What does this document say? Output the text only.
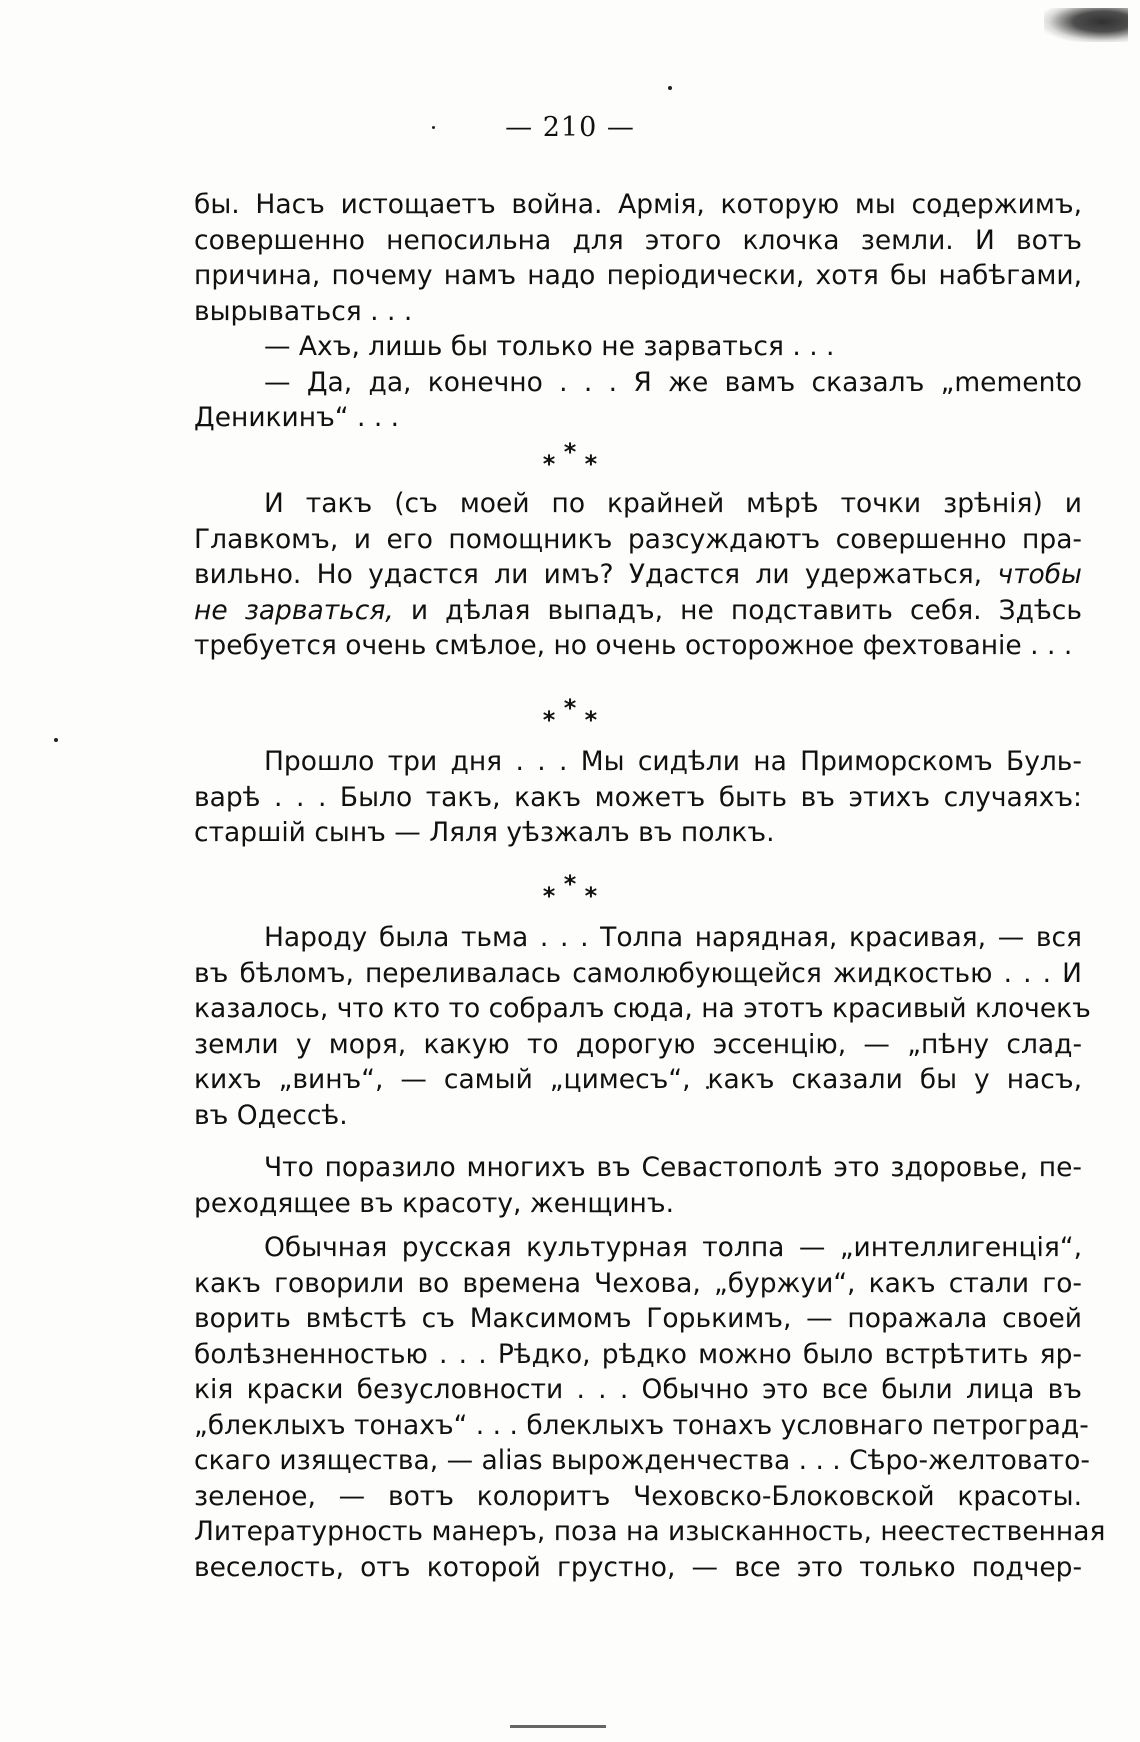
— 210 —
бы. Насъ истощаетъ война. Армія, которую мы содержимъ,
совершенно непосильна для этого клочка земли. И вотъ
причина, почему намъ надо періодически, хотя бы набѣгами,
вырываться . . .
— Ахъ, лишь бы только не зарваться . . .
— Да, да, конечно . . . Я же вамъ сказалъ „memento
Деникинъ“ . . .
* * *
И такъ (съ моей по крайней мѣрѣ точки зрѣнія) и
Главкомъ, и его помощникъ разсуждаютъ совершенно пра-
вильно. Но удастся ли имъ? Удастся ли удержаться, чтобы
не зарваться, и дѣлая выпадъ, не подставить себя. Здѣсь
требуется очень смѣлое, но очень осторожное фехтованіе . . .
* * *
Прошло три дня . . . Мы сидѣли на Приморскомъ Буль-
варѣ . . . Было такъ, какъ можетъ быть въ этихъ случаяхъ:
старшій сынъ — Ляля уѣзжалъ въ полкъ.
* * *
Народу была тьма . . . Толпа нарядная, красивая, — вся
въ бѣломъ, переливалась самолюбующейся жидкостью . . . И
казалось, что кто то собралъ сюда, на этотъ красивый клочекъ
земли у моря, какую то дорогую эссенцію, — „пѣну слад-
кихъ „винъ“, — самый „цимесъ“, какъ сказали бы у насъ,
въ Одессѣ.
Что поразило многихъ въ Севастополѣ это здоровье, пе-
реходящее въ красоту, женщинъ.
Обычная русская культурная толпа — „интеллигенція“,
какъ говорили во времена Чехова, „буржуи“, какъ стали го-
ворить вмѣстѣ съ Максимомъ Горькимъ, — поражала своей
болѣзненностью . . . Рѣдко, рѣдко можно было встрѣтить яр-
кія краски безусловности . . . Обычно это все были лица въ
„блеклыхъ тонахъ“ . . . блеклыхъ тонахъ условнаго петроград-
скаго изящества, — alias вырожденчества . . . Сѣро-желтовато-
зеленое, — вотъ колоритъ Чеховско-Блоковской красоты.
Литературность манеръ, поза на изысканность, неестественная
веселость, отъ которой грустно, — все это только подчер-
